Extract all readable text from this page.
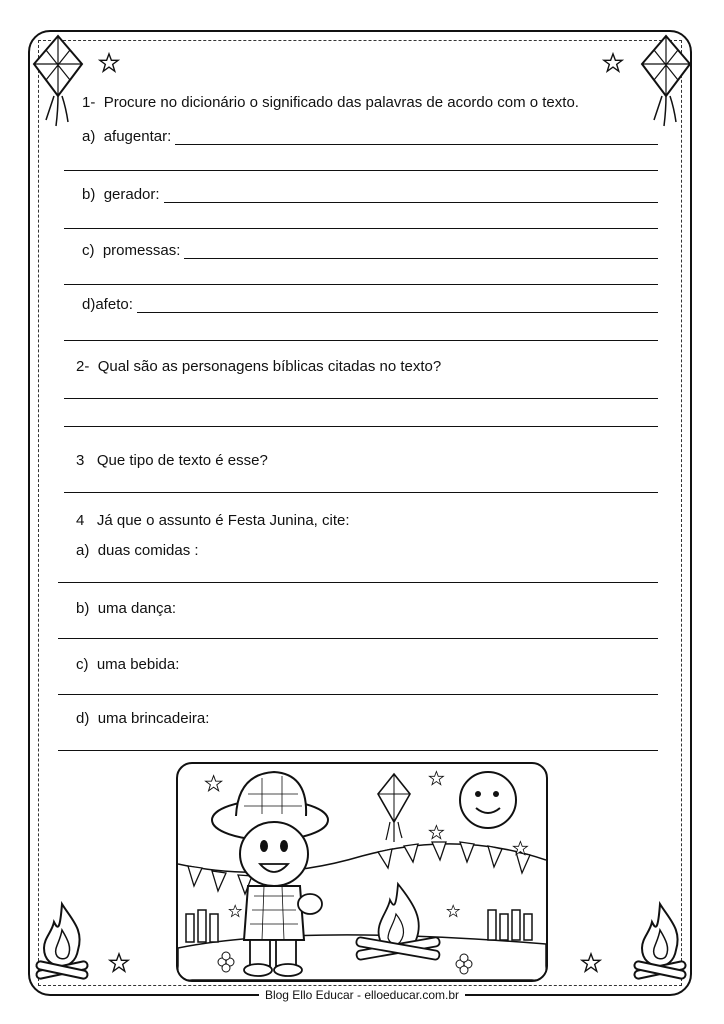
1- Procure no dicionário o significado das palavras de acordo com o texto.
a) afugentar:
b) gerador:
c) promessas:
d)afeto:
2- Qual são as personagens bíblicas citadas no texto?
3 Que tipo de texto é esse?
4 Já que o assunto é Festa Junina, cite:
a) duas comidas :
b) uma dança:
c) uma bebida:
d) uma brincadeira:
Blog Ello Educar - elloeducar.com.br
